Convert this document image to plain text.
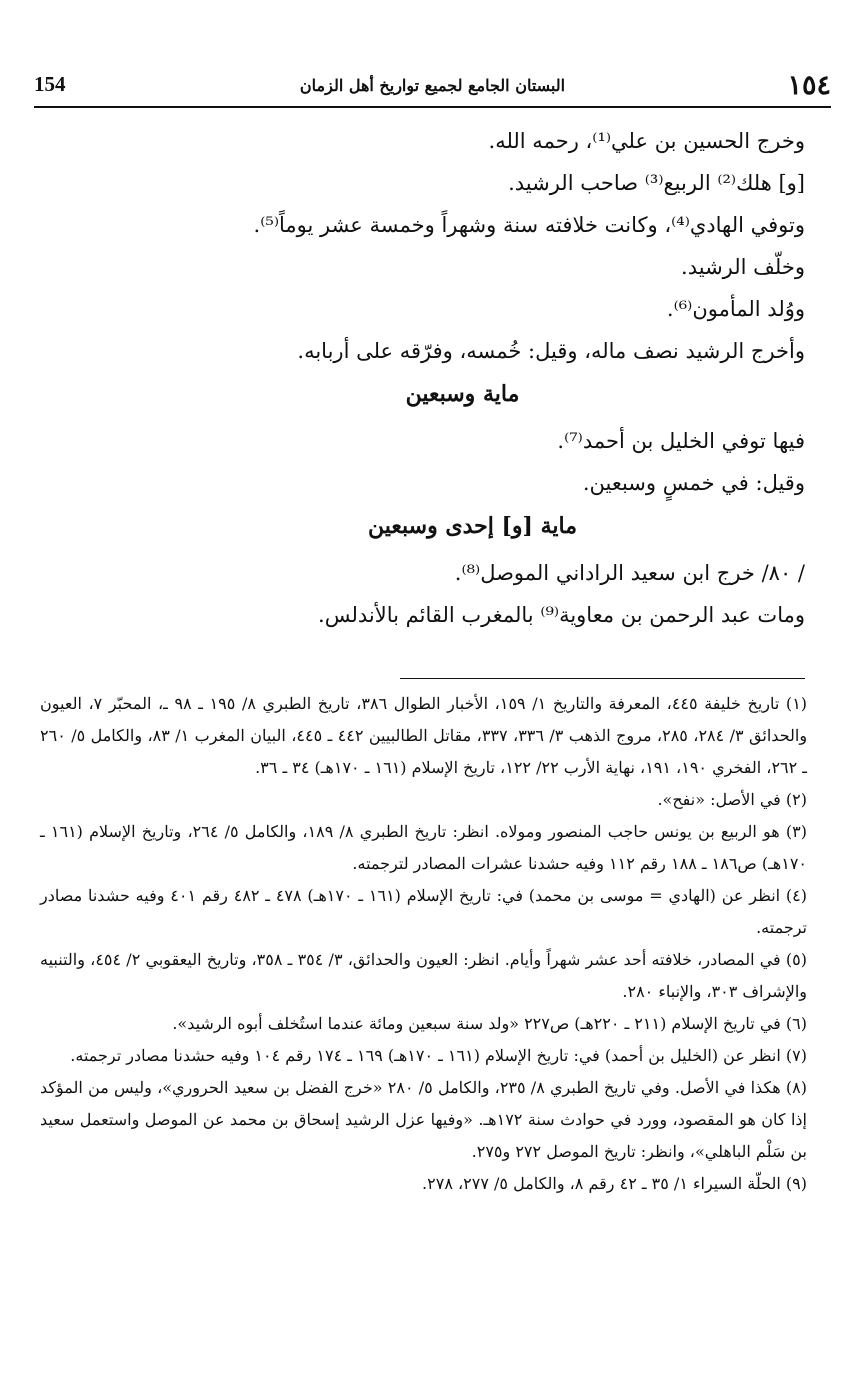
١٥٤
البستان الجامع لجميع تواريخ أهل الزمان
154
وخرج الحسين بن علي⁽¹⁾، رحمه الله.
[و] هلك⁽²⁾ الربيع⁽³⁾ صاحب الرشيد.
وتوفي الهادي⁽⁴⁾، وكانت خلافته سنة وشهراً وخمسة عشر يوماً⁽⁵⁾.
وخلّف الرشيد.
ووُلد المأمون⁽⁶⁾.
وأخرج الرشيد نصف ماله، وقيل: خُمسه، وفرّقه على أربابه.
ماية وسبعين
فيها توفي الخليل بن أحمد⁽⁷⁾.
وقيل: في خمسٍ وسبعين.
ماية [و] إحدى وسبعين
/ ٨٠/ خرج ابن سعيد الراداني الموصل⁽⁸⁾.
ومات عبد الرحمن بن معاوية⁽⁹⁾ بالمغرب القائم بالأندلس.
(١) تاريخ خليفة ٤٤٥، المعرفة والتاريخ ١/ ١٥٩، الأخبار الطوال ٣٨٦، تاريخ الطبري ٨/ ١٩٥ ـ ٩٨ ـ، المحبّر ٧، العيون والحدائق ٣/ ٢٨٤، ٢٨٥، مروج الذهب ٣/ ٣٣٦، ٣٣٧، مقاتل الطالبيين ٤٤٢ ـ ٤٤٥، البيان المغرب ١/ ٨٣، والكامل ٥/ ٢٦٠ ـ ٢٦٢، الفخري ١٩٠، ١٩١، نهاية الأرب ٢٢/ ١٢٢، تاريخ الإسلام (١٦١ ـ ١٧٠هـ) ٣٤ ـ ٣٦.
(٢) في الأصل: «نفح».
(٣) هو الربيع بن يونس حاجب المنصور ومولاه. انظر: تاريخ الطبري ٨/ ١٨٩، والكامل ٥/ ٢٦٤، وتاريخ الإسلام (١٦١ ـ ١٧٠هـ) ص١٨٦ ـ ١٨٨ رقم ١١٢ وفيه حشدنا عشرات المصادر لترجمته.
(٤) انظر عن (الهادي = موسى بن محمد) في: تاريخ الإسلام (١٦١ ـ ١٧٠هـ) ٤٧٨ ـ ٤٨٢ رقم ٤٠١ وفيه حشدنا مصادر ترجمته.
(٥) في المصادر، خلافته أحد عشر شهراً وأيام. انظر: العيون والحدائق، ٣/ ٣٥٤ ـ ٣٥٨، وتاريخ اليعقوبي ٢/ ٤٥٤، والتنبيه والإشراف ٣٠٣، والإنباء ٢٨٠.
(٦) في تاريخ الإسلام (٢١١ ـ ٢٢٠هـ) ص٢٢٧ «ولد سنة سبعين ومائة عندما استُخلف أبوه الرشيد».
(٧) انظر عن (الخليل بن أحمد) في: تاريخ الإسلام (١٦١ ـ ١٧٠هـ) ١٦٩ ـ ١٧٤ رقم ١٠٤ وفيه حشدنا مصادر ترجمته.
(٨) هكذا في الأصل. وفي تاريخ الطبري ٨/ ٢٣٥، والكامل ٥/ ٢٨٠ «خرج الفضل بن سعيد الحروري»، وليس من المؤكد إذا كان هو المقصود، وورد في حوادث سنة ١٧٢هـ. «وفيها عزل الرشيد إسحاق بن محمد عن الموصل واستعمل سعيد بن سَلْم الباهلي»، وانظر: تاريخ الموصل ٢٧٢ و٢٧٥.
(٩) الحلّة السيراء ١/ ٣٥ ـ ٤٢ رقم ٨، والكامل ٥/ ٢٧٧، ٢٧٨.
